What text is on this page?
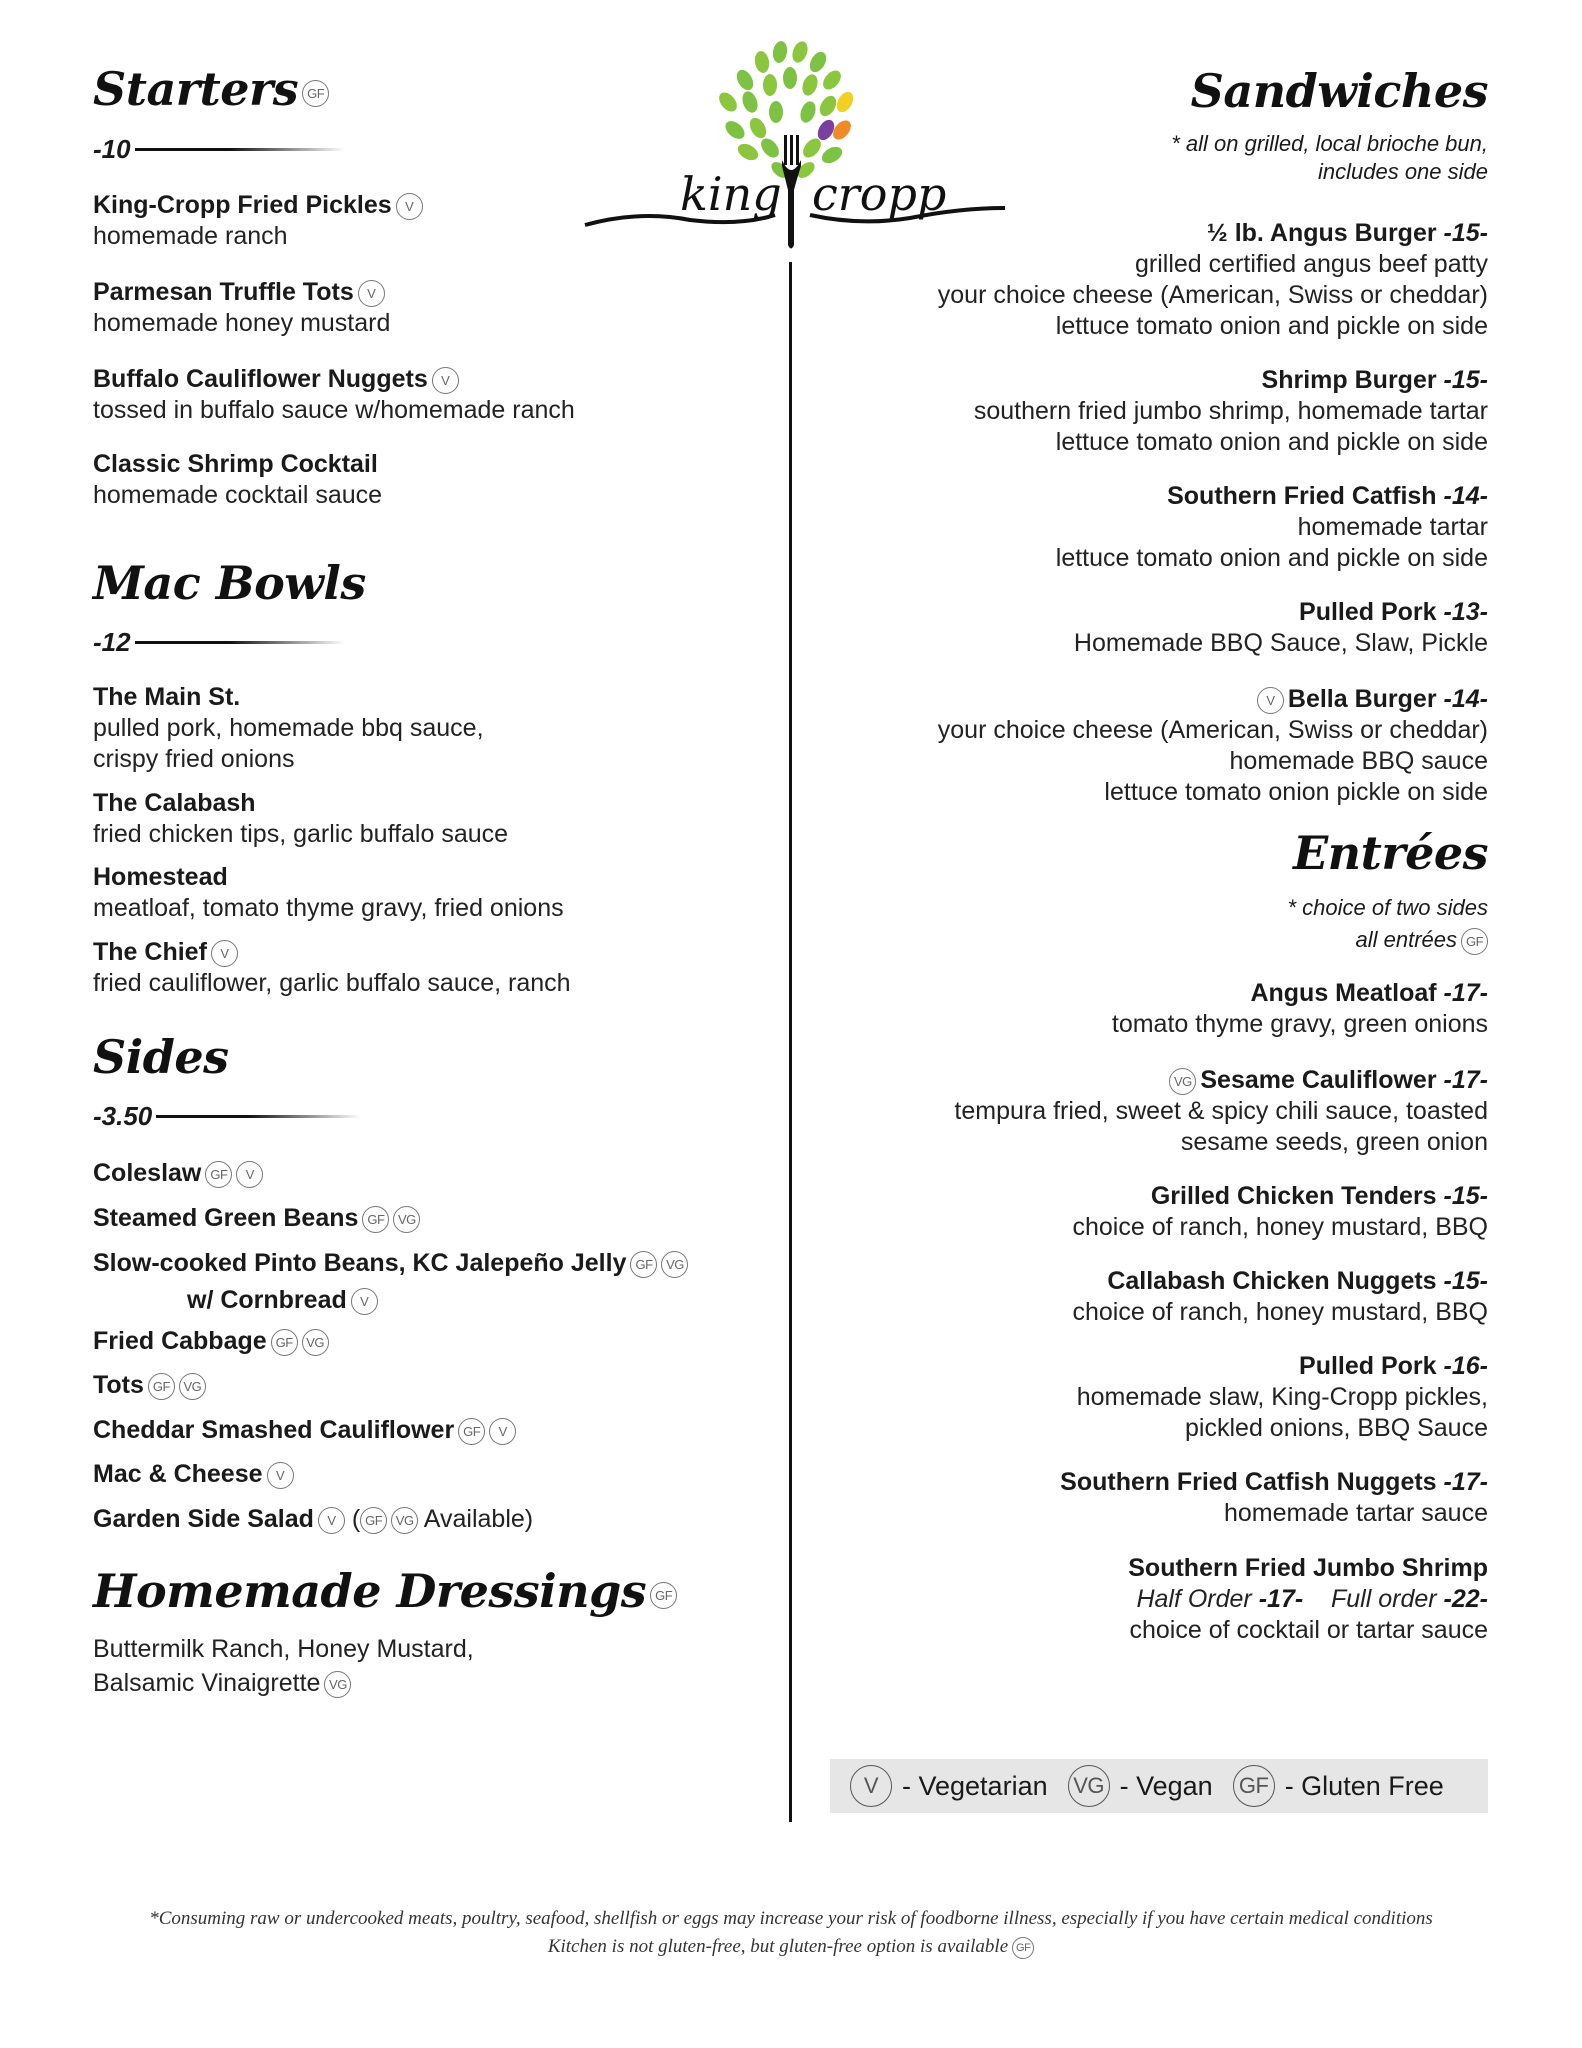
king cropp
Starters GF
-10
King-Cropp Fried Pickles V
homemade ranch
Parmesan Truffle Tots V
homemade honey mustard
Buffalo Cauliflower Nuggets V
tossed in buffalo sauce w/homemade ranch
Classic Shrimp Cocktail
homemade cocktail sauce
Mac Bowls
-12
The Main St.
pulled pork, homemade bbq sauce,
crispy fried onions
The Calabash
fried chicken tips, garlic buffalo sauce
Homestead
meatloaf, tomato thyme gravy, fried onions
The Chief V
fried cauliflower, garlic buffalo sauce, ranch
Sides
-3.50
Coleslaw GF V
Steamed Green Beans GF VG
Slow-cooked Pinto Beans, KC Jalepeño Jelly GF VG
w/ Cornbread V
Fried Cabbage GF VG
Tots GF VG
Cheddar Smashed Cauliflower GF V
Mac & Cheese V
Garden Side Salad V ( GF VG Available)
Homemade Dressings GF
Buttermilk Ranch, Honey Mustard,
Balsamic Vinaigrette VG
Sandwiches
* all on grilled, local brioche bun,
includes one side
½ lb. Angus Burger -15-
grilled certified angus beef patty
your choice cheese (American, Swiss or cheddar)
lettuce tomato onion and pickle on side
Shrimp Burger -15-
southern fried jumbo shrimp, homemade tartar
lettuce tomato onion and pickle on side
Southern Fried Catfish -14-
homemade tartar
lettuce tomato onion and pickle on side
Pulled Pork -13-
Homemade BBQ Sauce, Slaw, Pickle
V Bella Burger -14-
your choice cheese (American, Swiss or cheddar)
homemade BBQ sauce
lettuce tomato onion pickle on side
Entrées
* choice of two sides
all entrées GF
Angus Meatloaf -17-
tomato thyme gravy, green onions
VG Sesame Cauliflower -17-
tempura fried, sweet & spicy chili sauce, toasted
sesame seeds, green onion
Grilled Chicken Tenders -15-
choice of ranch, honey mustard, BBQ
Callabash Chicken Nuggets -15-
choice of ranch, honey mustard, BBQ
Pulled Pork -16-
homemade slaw, King-Cropp pickles,
pickled onions, BBQ Sauce
Southern Fried Catfish Nuggets -17-
homemade tartar sauce
Southern Fried Jumbo Shrimp
Half Order -17- Full order -22-
choice of cocktail or tartar sauce
V - Vegetarian VG - Vegan GF - Gluten Free
*Consuming raw or undercooked meats, poultry, seafood, shellfish or eggs may increase your risk of foodborne illness, especially if you have certain medical conditions
Kitchen is not gluten-free, but gluten-free option is available GF
